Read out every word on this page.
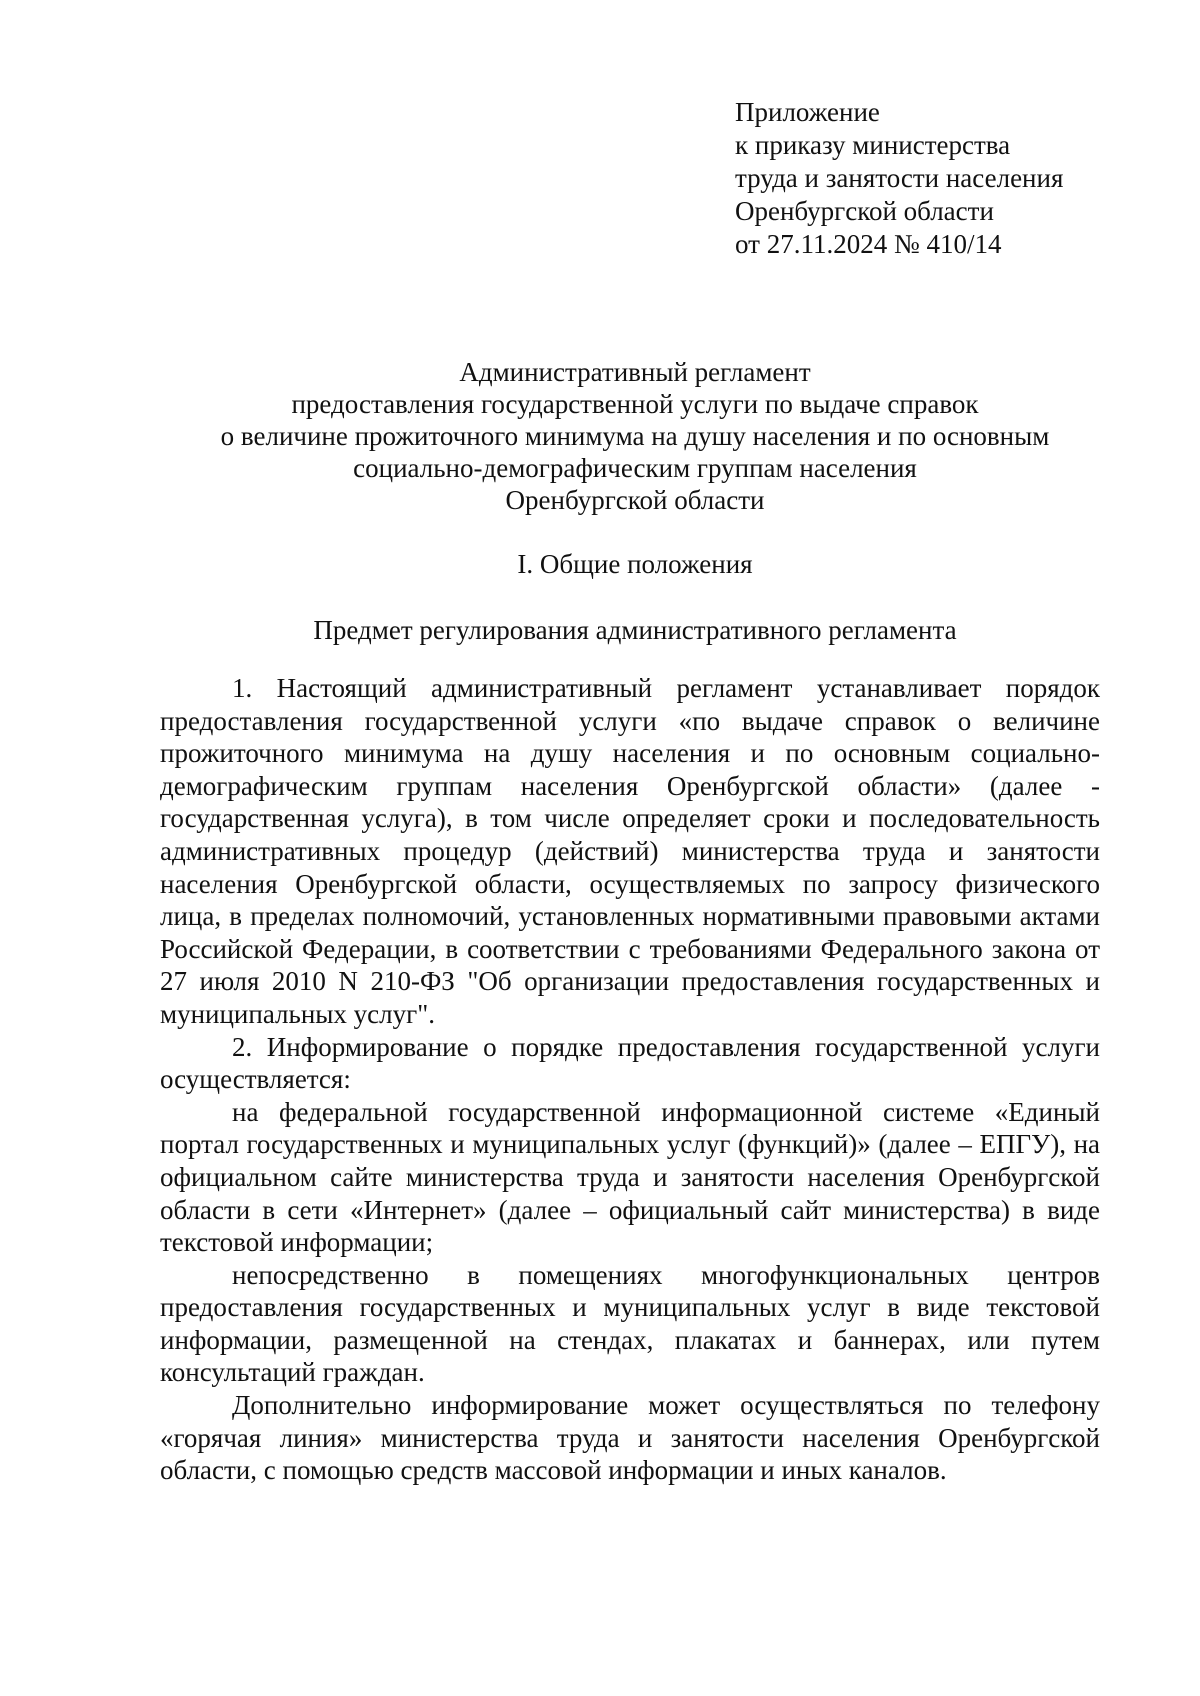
Приложение
к приказу министерства
труда и занятости населения
Оренбургской области
от 27.11.2024 № 410/14
Административный регламент
предоставления государственной услуги по выдаче справок
о величине прожиточного минимума на душу населения и по основным
социально-демографическим группам населения
Оренбургской области
I. Общие положения
Предмет регулирования административного регламента

1. Настоящий административный регламент устанавливает порядок предоставления государственной услуги «по выдаче справок о величине прожиточного минимума на душу населения и по основным социально-демографическим группам населения Оренбургской области» (далее - государственная услуга), в том числе определяет сроки и последовательность административных процедур (действий) министерства труда и занятости населения Оренбургской области, осуществляемых по запросу физического лица, в пределах полномочий, установленных нормативными правовыми актами Российской Федерации, в соответствии с требованиями Федерального закона от 27 июля 2010 N 210-ФЗ "Об организации предоставления государственных и муниципальных услуг".

2. Информирование о порядке предоставления государственной услуги осуществляется:

на федеральной государственной информационной системе «Единый портал государственных и муниципальных услуг (функций)» (далее – ЕПГУ), на официальном сайте министерства труда и занятости населения Оренбургской области в сети «Интернет» (далее – официальный сайт министерства) в виде текстовой информации;

непосредственно в помещениях многофункциональных центров предоставления государственных и муниципальных услуг в виде текстовой информации, размещенной на стендах, плакатах и баннерах, или путем консультаций граждан.

Дополнительно информирование может осуществляться по телефону «горячая линия» министерства труда и занятости населения Оренбургской области, с помощью средств массовой информации и иных каналов.
